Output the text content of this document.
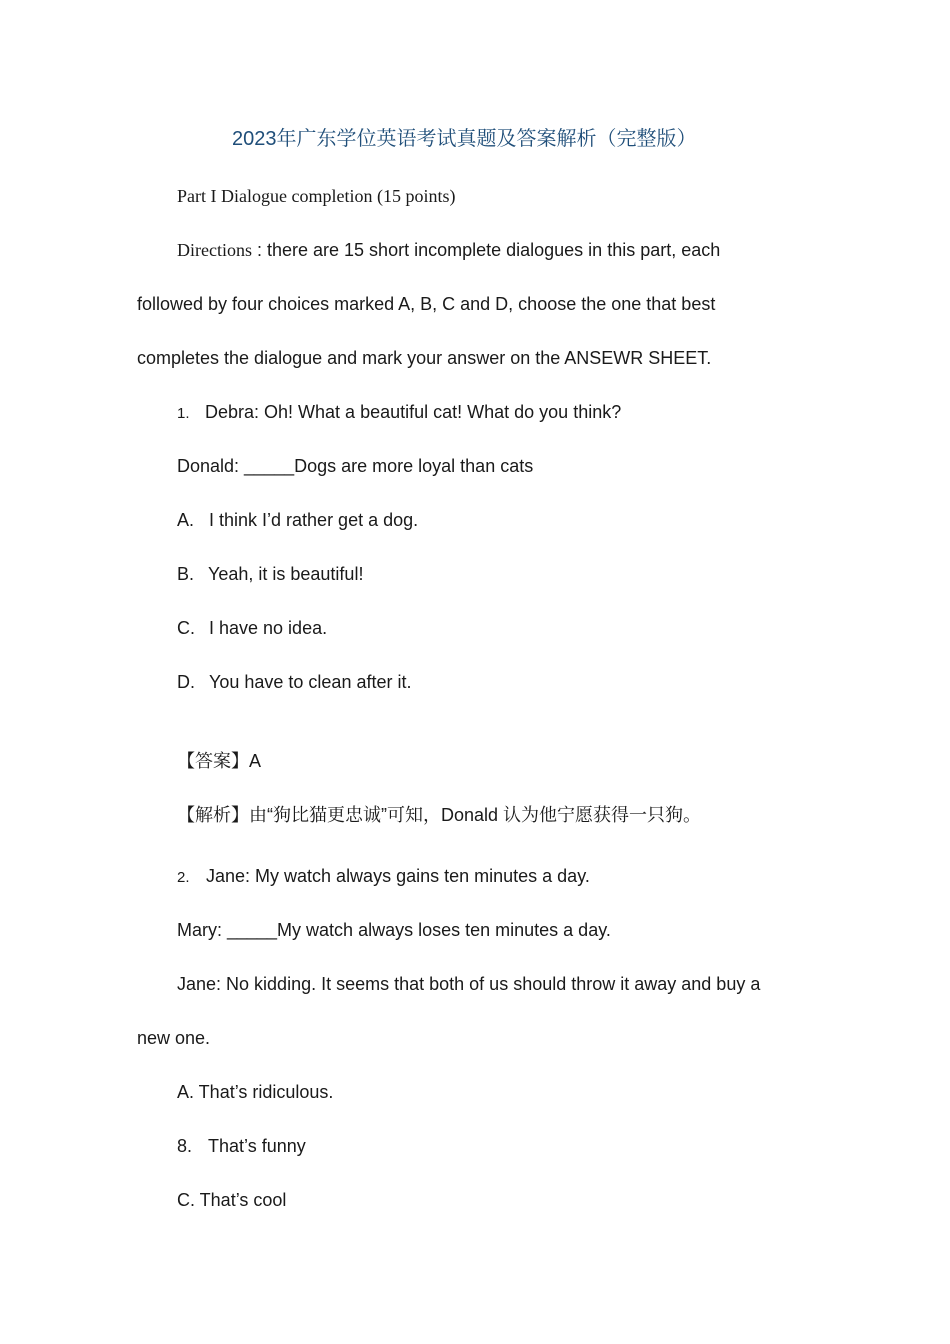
2023年广东学位英语考试真题及答案解析（完整版）
Part I Dialogue completion (15 points)
Directions : there are 15 short incomplete dialogues in this part, each
followed by four choices marked A, B, C and D, choose the one that best
completes the dialogue and mark your answer on the ANSEWR SHEET.
1. Debra: Oh! What a beautiful cat! What do you think?
Donald: _____Dogs are more loyal than cats
A. I think I’d rather get a dog.
B. Yeah, it is beautiful!
C. I have no idea.
D. You have to clean after it.
【答案】A
【解析】由“狗比猫更忠诚”可知，Donald 认为他宁愿获得一只狗。
2. Jane: My watch always gains ten minutes a day.
Mary: _____My watch always loses ten minutes a day.
Jane: No kidding. It seems that both of us should throw it away and buy a
new one.
A. That’s ridiculous.
8. That’s funny
C. That’s cool
